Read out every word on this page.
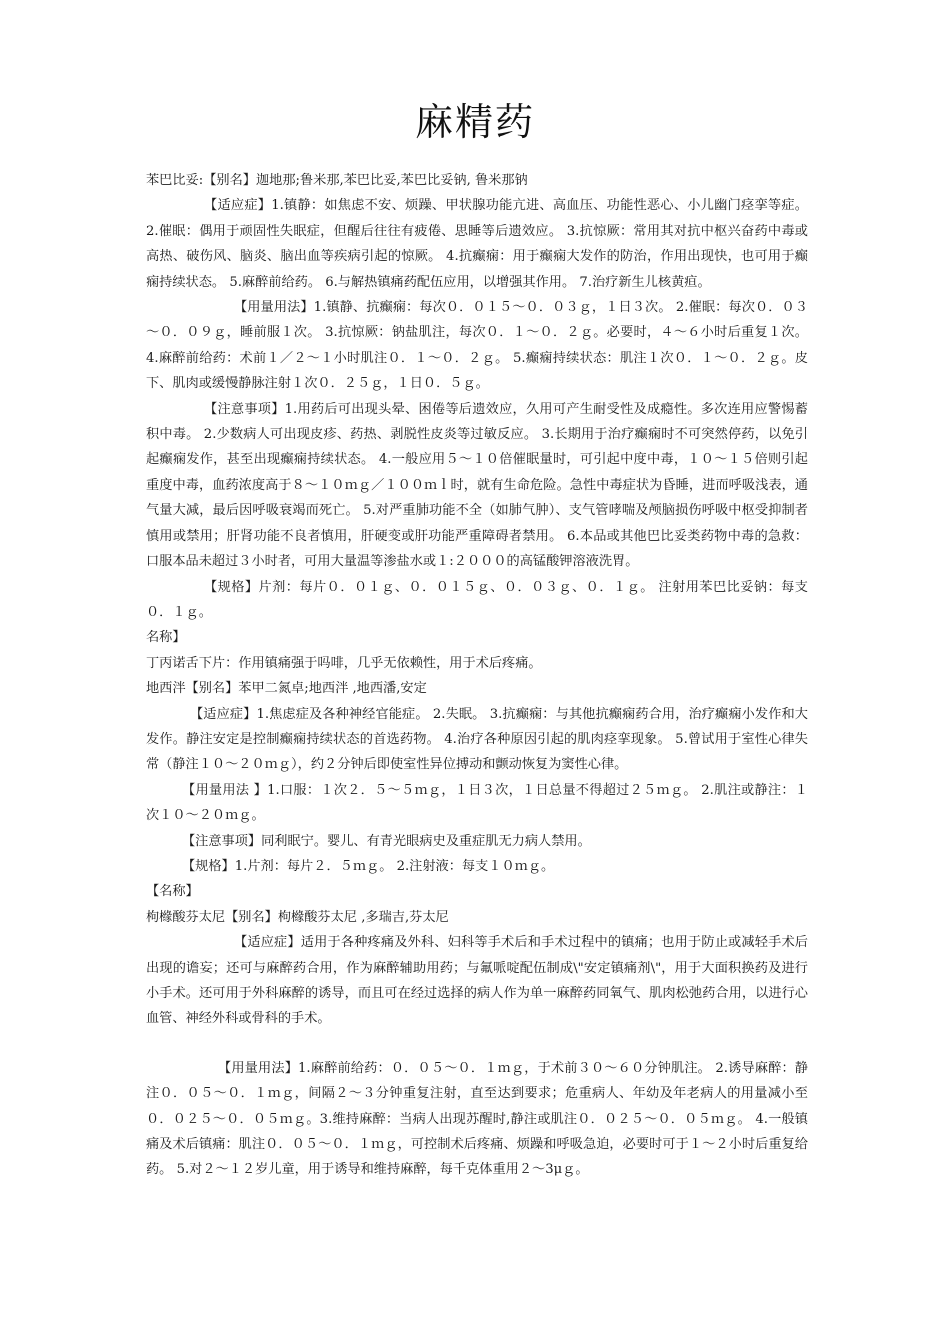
麻精药

苯巴比妥:【别名】迦地那;鲁米那,苯巴比妥,苯巴比妥钠, 鲁米那钠

【适应症】1.镇静：如焦虑不安、烦躁、甲状腺功能亢进、高血压、功能性恶心、小儿幽门痉挛等症。 2.催眠：偶用于顽固性失眠症，但醒后往往有疲倦、思睡等后遗效应。 3.抗惊厥：常用其对抗中枢兴奋药中毒或高热、破伤风、脑炎、脑出血等疾病引起的惊厥。 4.抗癫痫：用于癫痫大发作的防治，作用出现快，也可用于癫痫持续状态。 5.麻醉前给药。 6.与解热镇痛药配伍应用，以增强其作用。 7.治疗新生儿核黄疸。

【用量用法】1.镇静、抗癫痫：每次０．０１５～０．０３ｇ，１日３次。 2.催眠：每次０．０３～０．０９ｇ，睡前服１次。 3.抗惊厥：钠盐肌注，每次０．１～０．２ｇ。必要时，４～６小时后重复１次。 4.麻醉前给药：术前１／２～１小时肌注０．１～０．２ｇ。 5.癫痫持续状态：肌注１次０．１～０．２ｇ。皮下、肌肉或缓慢静脉注射１次０．２５ｇ，１日０．５ｇ。

【注意事项】1.用药后可出现头晕、困倦等后遗效应，久用可产生耐受性及成瘾性。多次连用应警惕蓄积中毒。 2.少数病人可出现皮疹、药热、剥脱性皮炎等过敏反应。 3.长期用于治疗癫痫时不可突然停药，以免引起癫痫发作，甚至出现癫痫持续状态。 4.一般应用５～１０倍催眠量时，可引起中度中毒，１０～１５倍则引起重度中毒，血药浓度高于８～１０ｍｇ／１００ｍｌ时，就有生命危险。急性中毒症状为昏睡，进而呼吸浅表，通气量大减，最后因呼吸衰竭而死亡。 5.对严重肺功能不全（如肺气肿）、支气管哮喘及颅脑损伤呼吸中枢受抑制者慎用或禁用；肝肾功能不良者慎用，肝硬变或肝功能严重障碍者禁用。 6.本品或其他巴比妥类药物中毒的急救：口服本品未超过３小时者，可用大量温等渗盐水或１:２０００的高锰酸钾溶液洗胃。

【规格】片剂：每片０．０１ｇ、０．０１５ｇ、０．０３ｇ、０．１ｇ。 注射用苯巴比妥钠：每支０．１ｇ。

名称】

丁丙诺舌下片：作用镇痛强于吗啡，几乎无依赖性，用于术后疼痛。

地西泮【别名】苯甲二氮卓;地西泮 ,地西潘,安定

【适应症】1.焦虑症及各种神经官能症。 2.失眠。 3.抗癫痫：与其他抗癫痫药合用，治疗癫痫小发作和大发作。静注安定是控制癫痫持续状态的首选药物。 4.治疗各种原因引起的肌肉痉挛现象。 5.曾试用于室性心律失常（静注１０～２０ｍｇ），约２分钟后即使室性异位搏动和颤动恢复为窦性心律。

【用量用法 】1.口服：１次２．５～５ｍｇ，１日３次，１日总量不得超过２５ｍｇ。 2.肌注或静注：１次１０～２０ｍｇ。

【注意事项】同利眠宁。婴儿、有青光眼病史及重症肌无力病人禁用。

【规格】1.片剂：每片２．５ｍｇ。 2.注射液：每支１０ｍｇ。

【名称】

枸橼酸芬太尼【别名】枸橼酸芬太尼 ,多瑞吉,芬太尼

【适应症】适用于各种疼痛及外科、妇科等手术后和手术过程中的镇痛；也用于防止或减轻手术后出现的谵妄；还可与麻醉药合用，作为麻醉辅助用药；与氟哌啶配伍制成\"安定镇痛剂\"，用于大面积换药及进行小手术。还可用于外科麻醉的诱导，而且可在经过选择的病人作为单一麻醉药同氧气、肌肉松弛药合用，以进行心血管、神经外科或骨科的手术。

【用量用法】1.麻醉前给药：０．０５～０．１ｍｇ，于术前３０～６０分钟肌注。 2.诱导麻醉：静注０．０５～０．１ｍｇ，间隔２～３分钟重复注射，直至达到要求；危重病人、年幼及年老病人的用量减小至０．０２５～０．０５ｍｇ。3.维持麻醉：当病人出现苏醒时,静注或肌注０．０２５～０．０５ｍｇ。 4.一般镇痛及术后镇痛：肌注０．０５～０．１ｍｇ，可控制术后疼痛、烦躁和呼吸急迫，必要时可于１～２小时后重复给药。 5.对２～１２岁儿童，用于诱导和维持麻醉，每千克体重用２～3μｇ。
